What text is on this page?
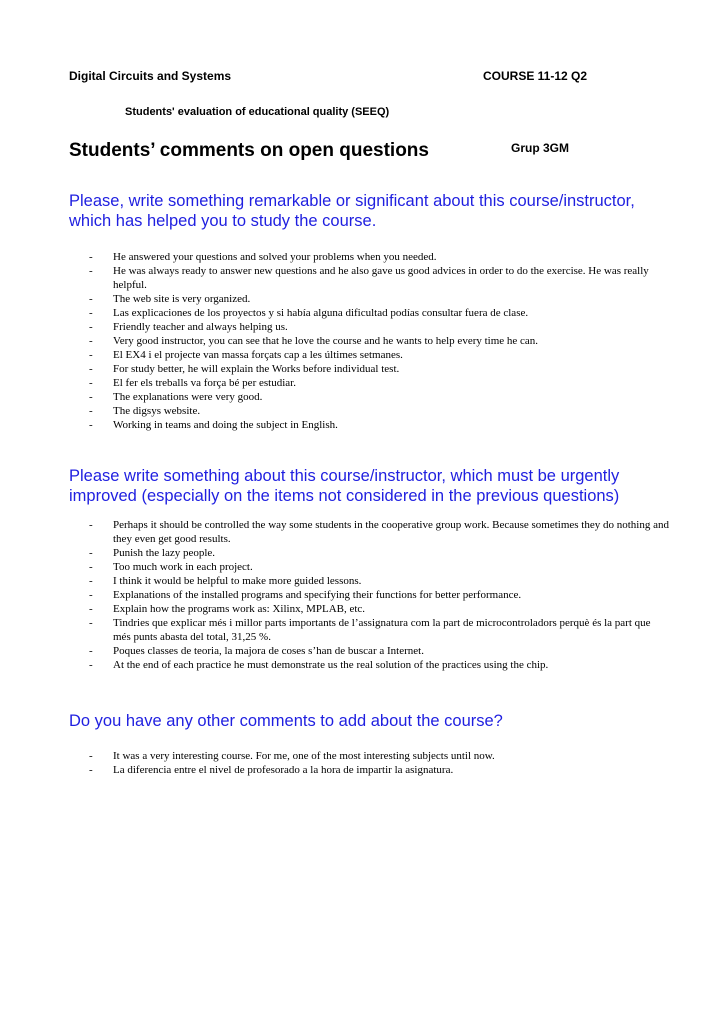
Digital Circuits and Systems	COURSE 11-12 Q2
Students' evaluation of educational quality (SEEQ)
Students’ comments on open questions	Grup 3GM
Please, write something remarkable or significant about this course/instructor, which has helped you to study the course.
- He answered your questions and solved your problems when you needed.
- He was always ready to answer new questions and he also gave us good advices in order to do the exercise. He was really helpful.
- The web site is very organized.
- Las explicaciones de los proyectos y si había alguna dificultad podías consultar fuera de clase.
- Friendly teacher and always helping us.
- Very good instructor, you can see that he love the course and he wants to help every time he can.
- El EX4 i el projecte van massa forçats cap a les últimes setmanes.
- For study better, he will explain the Works before individual test.
- El fer els treballs va força bé per estudiar.
- The explanations were very good.
- The digsys website.
- Working in teams and doing the subject in English.
Please write something about this course/instructor, which must be urgently improved (especially on the items not considered in the previous questions)
- Perhaps it should be controlled the way some students in the cooperative group work. Because sometimes they do nothing and they even get good results.
- Punish the lazy people.
- Too much work in each project.
- I think it would be helpful to make more guided lessons.
- Explanations of the installed programs and specifying their functions for better performance.
- Explain how the programs work as: Xilinx, MPLAB, etc.
- Tindries que explicar més i millor parts importants de l’assignatura com la part de microcontroladors perquè és la part que més punts abasta del total, 31,25 %.
- Poques classes de teoria, la majora de coses s’han de buscar a Internet.
- At the end of each practice he must demonstrate us the real solution of the practices using the chip.
Do you have any other comments to add about the course?
- It was a very interesting course. For me, one of the most interesting subjects until now.
- La diferencia entre el nivel de profesorado a la hora de impartir la asignatura.
